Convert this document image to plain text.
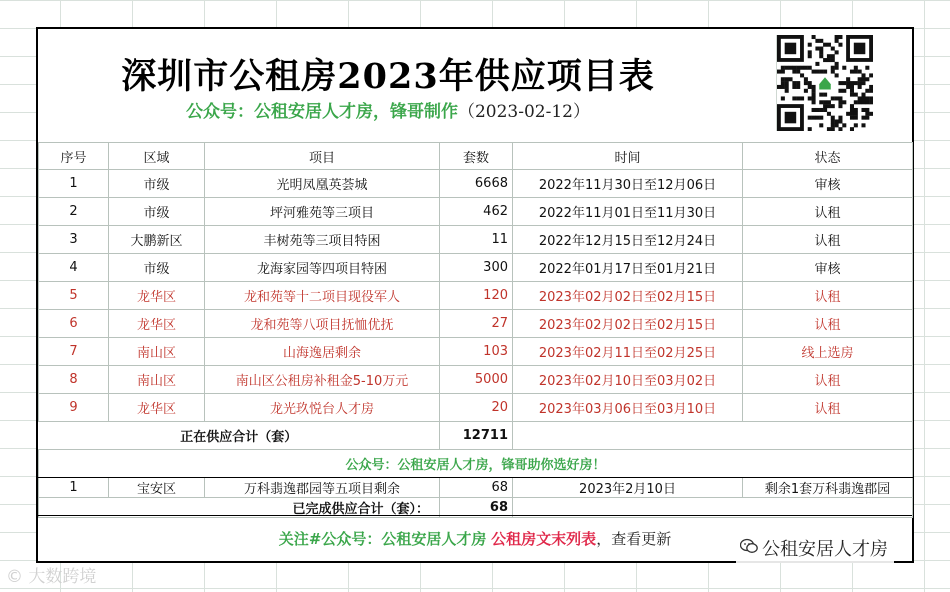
深圳市公租房2023年供应项目表
公众号：公租安居人才房，锋哥制作（2023-02-12）
序号	区域	项目	套数	时间	状态
1	市级	光明凤凰英荟城	6668	2022年11月30日至12月06日	审核
2	市级	坪河雅苑等三项目	462	2022年11月01日至11月30日	认租
3	大鹏新区	丰树苑等三项目特困	11	2022年12月15日至12月24日	认租
4	市级	龙海家园等四项目特困	300	2022年01月17日至01月21日	审核
5	龙华区	龙和苑等十二项目现役军人	120	2023年02月02日至02月15日	认租
6	龙华区	龙和苑等八项目抚恤优抚	27	2023年02月02日至02月15日	认租
7	南山区	山海逸居剩余	103	2023年02月11日至02月25日	线上选房
8	南山区	南山区公租房补租金5-10万元	5000	2023年02月10日至03月02日	认租
9	龙华区	龙光玖悦台人才房	20	2023年03月06日至03月10日	认租
正在供应合计（套）			12711		
公众号：公租安居人才房，锋哥助你选好房！					
1	宝安区	万科翡逸郡园等五项目剩余	68	2023年2月10日	剩余1套万科翡逸郡园
已完成供应合计（套）：			68		
关注#公众号：公租安居人才房 公租房文末列表，查看更新	公租安居人才房
© 大数跨境
